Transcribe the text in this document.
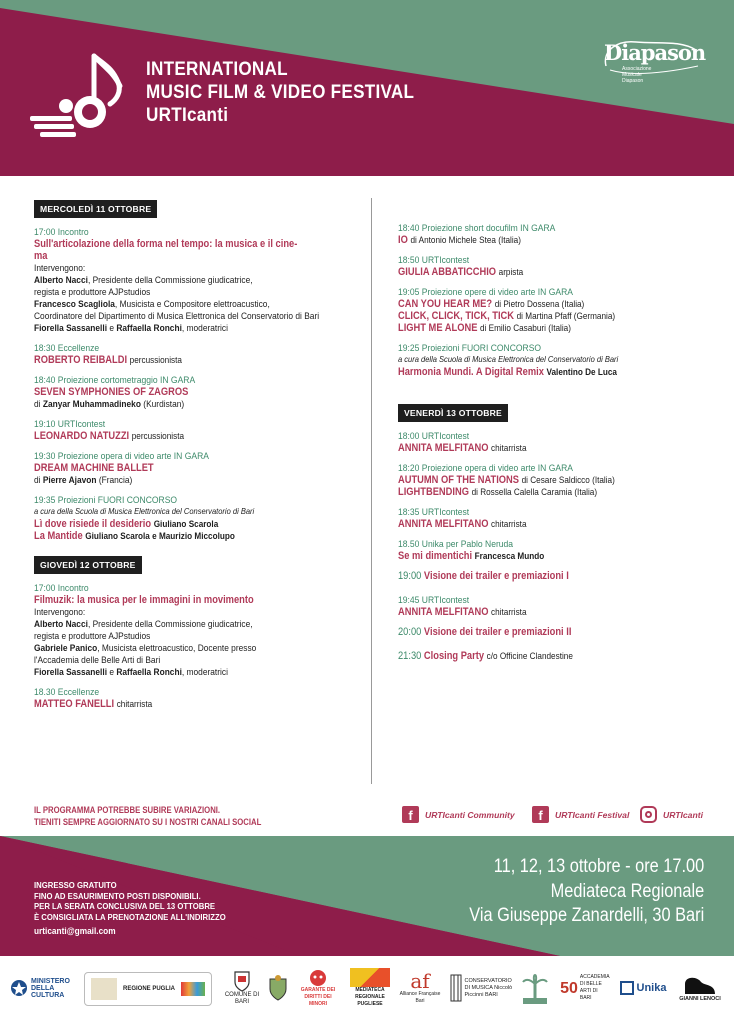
INTERNATIONAL
MUSIC FILM & VIDEO FESTIVAL
URTIcanti
Diapason
Associazione
Musicale
Diapason
MERCOLEDÌ 11 OTTOBRE
17:00 Incontro
Sull'articolazione della forma nel tempo: la musica e il cine-
ma
Intervengono:
Alberto Nacci, Presidente della Commissione giudicatrice,
regista e produttore AJPstudios
Francesco Scagliola, Musicista e Compositore elettroacustico,
Coordinatore del Dipartimento di Musica Elettronica del Conservatorio di Bari
Fiorella Sassanelli e Raffaella Ronchi, moderatrici
18:30 Eccellenze
ROBERTO REIBALDI percussionista
18:40 Proiezione cortometraggio IN GARA
SEVEN SYMPHONIES OF ZAGROS
di Zanyar Muhammadineko (Kurdistan)
19:10 URTIcontest
LEONARDO NATUZZI percussionista
19:30 Proiezione opera di video arte IN GARA
DREAM MACHINE BALLET
di Pierre Ajavon (Francia)
19:35 Proiezioni FUORI CONCORSO
a cura della Scuola di Musica Elettronica del Conservatorio di Bari
Lì dove risiede il desiderio Giuliano Scarola
La Mantide Giuliano Scarola e Maurizio Miccolupo
GIOVEDÌ 12 OTTOBRE
17:00 Incontro
Filmuzik: la musica per le immagini in movimento
Intervengono:
Alberto Nacci, Presidente della Commissione giudicatrice,
regista e produttore AJPstudios
Gabriele Panico, Musicista elettroacustico, Docente presso
l'Accademia delle Belle Arti di Bari
Fiorella Sassanelli e Raffaella Ronchi, moderatrici
18.30 Eccellenze
MATTEO FANELLI chitarrista
18:40 Proiezione short docufilm IN GARA
IO di Antonio Michele Stea (Italia)
18:50 URTIcontest
GIULIA ABBATICCHIO arpista
19:05 Proiezione opere di video arte IN GARA
CAN YOU HEAR ME? di Pietro Dossena (Italia)
CLICK, CLICK, TICK, TICK di Martina Pfaff (Germania)
LIGHT ME ALONE di Emilio Casaburi (Italia)
19:25 Proiezioni FUORI CONCORSO
a cura della Scuola di Musica Elettronica del Conservatorio di Bari
Harmonia Mundi. A Digital Remix Valentino De Luca
VENERDÌ 13 OTTOBRE
18:00 URTIcontest
ANNITA MELFITANO chitarrista
18:20 Proiezione opera di video arte IN GARA
AUTUMN OF THE NATIONS di Cesare Saldicco (Italia)
LIGHTBENDING di Rossella Calella Caramia (Italia)
18:35 URTIcontest
ANNITA MELFITANO chitarrista
18.50 Unika per Pablo Neruda
Se mi dimentichi Francesca Mundo
19:00 Visione dei trailer e premiazioni I
19:45 URTIcontest
ANNITA MELFITANO chitarrista
20:00 Visione dei trailer e premiazioni II
21:30 Closing Party c/o Officine Clandestine
IL PROGRAMMA POTREBBE SUBIRE VARIAZIONI.
TIENITI SEMPRE AGGIORNATO SU I NOSTRI CANALI SOCIAL	f	URTIcanti Community	f	URTIcanti Festival	URTIcanti
INGRESSO GRATUITO
FINO AD ESAURIMENTO POSTI DISPONIBILI.
PER LA SERATA CONCLUSIVA DEL 13 OTTOBRE
È CONSIGLIATA LA PRENOTAZIONE ALL'INDIRIZZO
urticanti@gmail.com
11, 12, 13 ottobre - ore 17.00
Mediateca Regionale
Via Giuseppe Zanardelli, 30 Bari
MINISTERO DELLA CULTURA
REGIONE PUGLIA
COMUNE DI BARI
GARANTE DEI DIRITTI DEI MINORI
MEDIATECA REGIONALE PUGLIESE
af
Alliance Française Bari
CONSERVATORIO DI MUSICA Niccolò Piccinni BARI	50
ACCADEMIA DI BELLE ARTI DI BARI
Unika
GIANNI LENOCI
